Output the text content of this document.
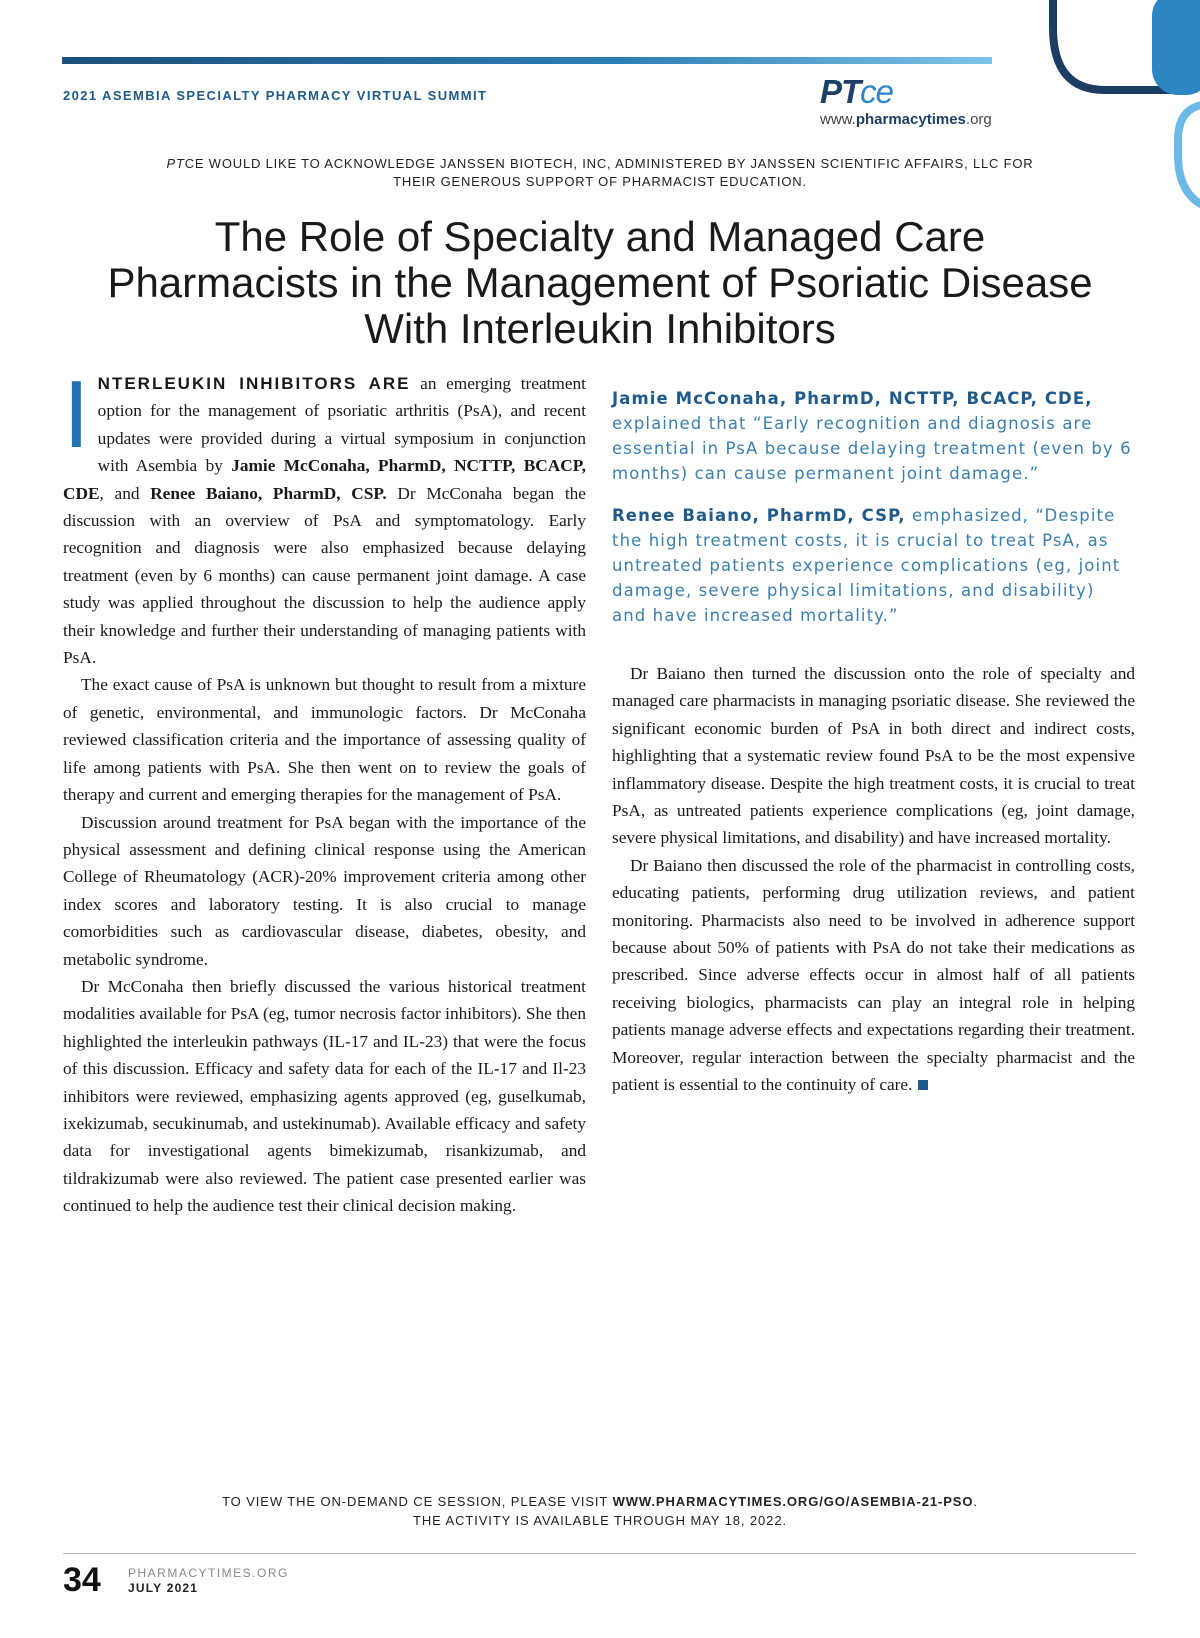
2021 ASEMBIA SPECIALTY PHARMACY VIRTUAL SUMMIT	PTce
www.pharmacytimes.org
PTCE WOULD LIKE TO ACKNOWLEDGE JANSSEN BIOTECH, INC, ADMINISTERED BY JANSSEN SCIENTIFIC AFFAIRS, LLC FOR THEIR GENEROUS SUPPORT OF PHARMACIST EDUCATION.
The Role of Specialty and Managed Care Pharmacists in the Management of Psoriatic Disease With Interleukin Inhibitors

INTERLEUKIN INHIBITORS ARE an emerging treatment option for the management of psoriatic arthritis (PsA), and recent updates were provided during a virtual symposium in conjunction with Asembia by Jamie McConaha, PharmD, NCTTP, BCACP, CDE, and Renee Baiano, PharmD, CSP. Dr McConaha began the discussion with an overview of PsA and symptomatology. Early recognition and diagnosis were also emphasized because delaying treatment (even by 6 months) can cause permanent joint damage. A case study was applied throughout the discussion to help the audience apply their knowledge and further their understanding of managing patients with PsA.

The exact cause of PsA is unknown but thought to result from a mixture of genetic, environmental, and immunologic factors. Dr McConaha reviewed classification criteria and the importance of assessing quality of life among patients with PsA. She then went on to review the goals of therapy and current and emerging therapies for the management of PsA.

Discussion around treatment for PsA began with the importance of the physical assessment and defining clinical response using the American College of Rheumatology (ACR)-20% improvement criteria among other index scores and laboratory testing. It is also crucial to manage comorbidities such as cardiovascular disease, diabetes, obesity, and metabolic syndrome.

Dr McConaha then briefly discussed the various historical treatment modalities available for PsA (eg, tumor necrosis factor inhibitors). She then highlighted the interleukin pathways (IL-17 and IL-23) that were the focus of this discussion. Efficacy and safety data for each of the IL-17 and Il-23 inhibitors were reviewed, emphasizing agents approved (eg, guselkumab, ixekizumab, secukinumab, and ustekinumab). Available efficacy and safety data for investigational agents bimekizumab, risankizumab, and tildrakizumab were also reviewed. The patient case presented earlier was continued to help the audience test their clinical decision making.

Jamie McConaha, PharmD, NCTTP, BCACP, CDE, explained that “Early recognition and diagnosis are essential in PsA because delaying treatment (even by 6 months) can cause permanent joint damage.”

Renee Baiano, PharmD, CSP, emphasized, “Despite the high treatment costs, it is crucial to treat PsA, as untreated patients experience complications (eg, joint damage, severe physical limitations, and disability) and have increased mortality.”

Dr Baiano then turned the discussion onto the role of specialty and managed care pharmacists in managing psoriatic disease. She reviewed the significant economic burden of PsA in both direct and indirect costs, highlighting that a systematic review found PsA to be the most expensive inflammatory disease. Despite the high treatment costs, it is crucial to treat PsA, as untreated patients experience complications (eg, joint damage, severe physical limitations, and disability) and have increased mortality.

Dr Baiano then discussed the role of the pharmacist in controlling costs, educating patients, performing drug utilization reviews, and patient monitoring. Pharmacists also need to be involved in adherence support because about 50% of patients with PsA do not take their medications as prescribed. Since adverse effects occur in almost half of all patients receiving biologics, pharmacists can play an integral role in helping patients manage adverse effects and expectations regarding their treatment. Moreover, regular interaction between the specialty pharmacist and the patient is essential to the continuity of care.

TO VIEW THE ON-DEMAND CE SESSION, PLEASE VISIT WWW.PHARMACYTIMES.ORG/GO/ASEMBIA-21-PSO.
THE ACTIVITY IS AVAILABLE THROUGH MAY 18, 2022.
34 PHARMACYTIMES.ORG
JULY 2021
